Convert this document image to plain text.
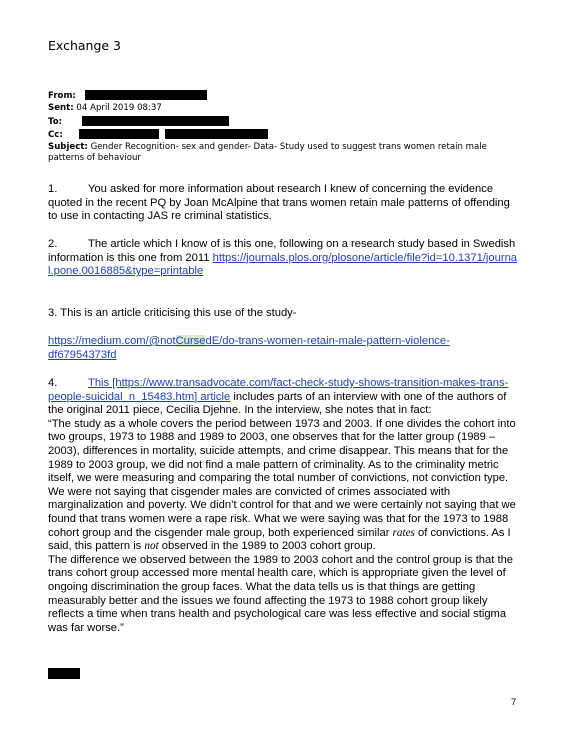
Exchange 3
From:
Sent: 04 April 2019 08:37
To:
Cc:
Subject: Gender Recognition- sex and gender- Data- Study used to suggest trans women retain male patterns of behaviour

1.	You asked for more information about research I knew of concerning the evidence quoted in the recent PQ by Joan McAlpine that trans women retain male patterns of offending to use in contacting JAS re criminal statistics.

2.	The article which I know of is this one, following on a research study based in Swedish information is this one from 2011 https://journals.plos.org/plosone/article/file?id=10.1371/journal.pone.0016885&type=printable

3. This is an article criticising this use of the study-

https://medium.com/@notCursedE/do-trans-women-retain-male-pattern-violence-df67954373fd

4.	This [https://www.transadvocate.com/fact-check-study-shows-transition-makes-trans-people-suicidal_n_15483.htm] article includes parts of an interview with one of the authors of the original 2011 piece, Cecilia Djehne. In the interview, she notes that in fact:

“The study as a whole covers the period between 1973 and 2003. If one divides the cohort into two groups, 1973 to 1988 and 1989 to 2003, one observes that for the latter group (1989 – 2003), differences in mortality, suicide attempts, and crime disappear. This means that for the 1989 to 2003 group, we did not find a male pattern of criminality. As to the criminality metric itself, we were measuring and comparing the total number of convictions, not conviction type. We were not saying that cisgender males are convicted of crimes associated with marginalization and poverty. We didn’t control for that and we were certainly not saying that we found that trans women were a rape risk. What we were saying was that for the 1973 to 1988 cohort group and the cisgender male group, both experienced similar rates of convictions. As I said, this pattern is not observed in the 1989 to 2003 cohort group.

The difference we observed between the 1989 to 2003 cohort and the control group is that the trans cohort group accessed more mental health care, which is appropriate given the level of ongoing discrimination the group faces. What the data tells us is that things are getting measurably better and the issues we found affecting the 1973 to 1988 cohort group likely reflects a time when trans health and psychological care was less effective and social stigma was far worse.”

7
